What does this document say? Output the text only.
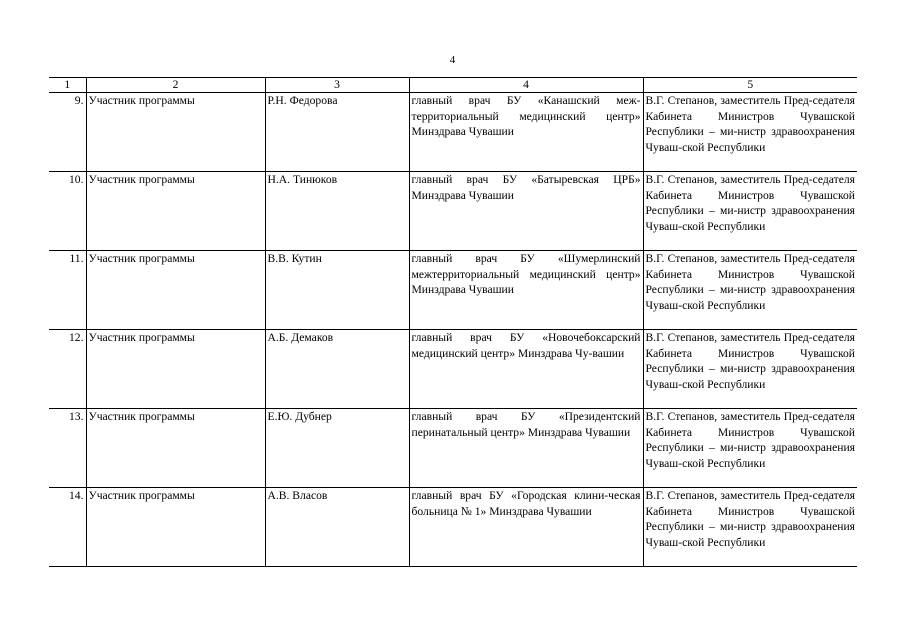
4
1	2	3	4	5
9.	Участник программы	Р.Н. Федорова	главный врач БУ «Канашский меж-территориальный медицинский центр» Минздрава Чувашии	В.Г. Степанов, заместитель Пред-седателя Кабинета Министров Чувашской Республики – ми-нистр здравоохранения Чуваш-ской Республики
10.	Участник программы	Н.А. Тинюков	главный врач БУ «Батыревская ЦРБ» Минздрава Чувашии	В.Г. Степанов, заместитель Пред-седателя Кабинета Министров Чувашской Республики – ми-нистр здравоохранения Чуваш-ской Республики
11.	Участник программы	В.В. Кутин	главный врач БУ «Шумерлинский межтерриториальный медицинский центр» Минздрава Чувашии	В.Г. Степанов, заместитель Пред-седателя Кабинета Министров Чувашской Республики – ми-нистр здравоохранения Чуваш-ской Республики
12.	Участник программы	А.Б. Демаков	главный врач БУ «Новочебоксарский медицинский центр» Минздрава Чу-вашии	В.Г. Степанов, заместитель Пред-седателя Кабинета Министров Чувашской Республики – ми-нистр здравоохранения Чуваш-ской Республики
13.	Участник программы	Е.Ю. Дубнер	главный врач БУ «Президентский перинатальный центр» Минздрава Чувашии	В.Г. Степанов, заместитель Пред-седателя Кабинета Министров Чувашской Республики – ми-нистр здравоохранения Чуваш-ской Республики
14.	Участник программы	А.В. Власов	главный врач БУ «Городская клини-ческая больница № 1» Минздрава Чувашии	В.Г. Степанов, заместитель Пред-седателя Кабинета Министров Чувашской Республики – ми-нистр здравоохранения Чуваш-ской Республики
